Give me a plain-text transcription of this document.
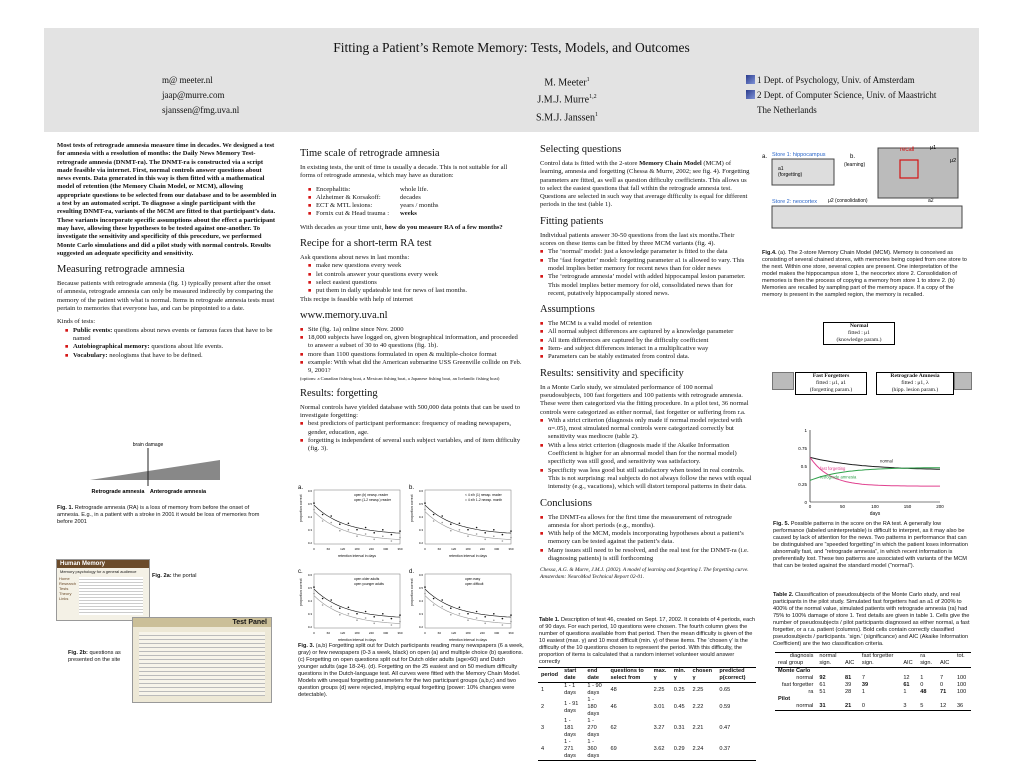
Fitting a Patient’s Remote Memory: Tests, Models, and Outcomes
m@ meeter.nl
jaap@murre.com
sjanssen@fmg.uva.nl
M. Meeter$^1$
J.M.J. Murre$^{1,2}$
S.M.J. Janssen$^1$
1 Dept. of Psychology, Univ. of Amsterdam
2 Dept. of Computer Science, Univ. of Maastricht
The Netherlands

Most tests of retrograde amnesia measure time in decades. We designed a test for amnesia with a resolution of months: the Daily News Memory Test-retrograde amnesia (DNMT-ra). The DNMT-ra is constructed via a script made feasible via internet. First, normal controls answer questions about news events. Data generated in this way is then fitted with a mathematical model of retention (the Memory Chain Model, or MCM), allowing appropriate questions to be selected from our database and to be assembled in a test by an automated script. To diagnose a single participant with the resulting DNMT-ra, variants of the MCM are fitted to that participant’s data. These variants incorporate specific assumptions about the effect a participant may have, allowing these hypotheses to be tested against one-another. To investigate the sensitivity and specificity of this procedure, we performed Monte Carlo simulations and did a pilot study with normal controls. Results suggested an adequate specificity and sensitivity.

Measuring retrograde amnesia

Because patients with retrograde amnesia (fig. 1) typically present after the onset of amnesia, retrograde amnesia can only be measured indirectly by comparing the memory of the patient with what is normal. Items in retrograde amnesia tests must pertain to memories that everyone has, and can be pinpointed to a date.

Kinds of tests:
■ Public events: questions about news events or famous faces that have to be named
■ Autobiographical memory: questions about life events.
■ Vocabulary: neologisms that have to be defined.
brain damage
Retrograde amnesia Anterograde amnesia
Fig. 1. Retrograde amnesia (RA) is a loss of memory from before the onset of amnesia. E.g., in a patient with a stroke in 2001 it would be loss of memories from before 2001
Human Memory
Memory psychology for a general audience
Home
Research
Tests
Theory
Links
Fig. 2a: the portal
Test Panel
Fig. 2b: questions as presented on the site
Time scale of retrograde amnesia

In existing tests, the unit of time is usually a decade. This is not suitable for all forms of retrograde amnesia, which may have as duration:

■ Encephalitis:	whole life.
■ Alzheimer & Korsakoff:	decades
■ ECT & MTL lesions:	years / months
■ Fornix cut & Head trauma :	weeks

With decades as your time unit, how do you measure RA of a few months?

Recipe for a short-term RA test
Ask questions about news in last months:
■ make new questions every week
■ let controls answer your questions every week
■ select easiest questions
■ put them in daily updateable test for news of last months.
This recipe is feasible with help of internet
www.memory.uva.nl
■ Site (fig. 1a) online since Nov. 2000
■ 18,000 subjects have logged on, given biographical information, and proceeded to answer a subset of 30 to 40 questions (fig. 1b).
■ more than 1100 questions formulated in open & multiple-choice format
■ example: With what did the American submarine USS Greenville collide on Feb. 9, 2001?
(options: a Canadian fishing boat, a Mexican fishing boat, a Japanese fishing boat, an Icelandic fishing boat)
Results: forgetting
Normal controls have yielded database with 500,000 data points that can be used to investigate forgetting:
■ best predictors of participant performance: frequency of reading newspapers, gender, education, age.
■ forgetting is independent of several such subject variables, and of item difficulty (fig. 3).
a.
proportion correct
retention interval in days
0	60	120	180	240	300	360
0.6
0.5
0.4
0.3
0.2
open (b) newsp. reader
open (1-2 newsp.) reader
b.
proportion correct
retention interval in days
0	60	120	180	240	300	360
0.6
0.5
0.4
0.3
0.2
< 4 x/h (1) newsp. reader
= 4 x/h 1-2 newsp. month
c.
proportion correct
retention interval in days
0	60	120	180	240	300	360
0.6
0.5
0.4
0.3
0.2
open older adults
open younger adults
d.
proportion correct
retention interval in days
0	60	120	180	240	300	360
0.6
0.5
0.4
0.3
0.2
open easy
open difficult
Fig. 3. (a,b) Forgetting split out for Dutch participants reading many newspapers (6 a week, gray) or few newspapers (0-3 a week, black) on open (a) and multiple choice (b) questions. (c) Forgetting on open questions split out for Dutch older adults (age>60) and Dutch younger adults (age 18-24). (d). Forgetting on the 25 easiest and on 50 medium difficulty questions in the Dutch-language test. All curves were fitted with the Memory Chain Model. Models with unequal forgetting parameters for the two participant groups (a,b,c) and two question groups (d) were rejected, implying equal forgetting (power: 10% changes were detectable).
Selecting questions

Control data is fitted with the 2-store Memory Chain Model (MCM) of learning, amnesia and forgetting (Chessa & Murre, 2002; see fig. 4). Forgetting parameters are fitted, as well as question difficulty coefficients. This allows us to select the easiest questions that fall within the retrograde amnesia test. Questions are selected in such way that average difficulty is equal for different periods in the test (table 1).

Fitting patients
Individual patients answer 30-50 questions from the last six months.Their scores on these items can be fitted by three MCM variants (fig. 4).
■ The ‘normal’ model: just a knowledge parameter is fitted to the data
■ The ‘fast forgetter’ model: forgetting parameter a1 is allowed to vary. This model implies better memory for recent news than for older news
■ The ‘retrograde amnesia’ model with added hippocampal lesion parameter. This model implies better memory for old, consolidated news than for recent, putatively hippocampally stored news.
Assumptions
■ The MCM is a valid model of retention
■ All normal subject differences are captured by a knowledge parameter
■ All item differences are captured by the difficulty coefficient
■ Item- and subject differences interact in a multiplicative way
■ Parameters can be stably estimated from control data.
Results: sensitivity and specificity
In a Monte Carlo study, we simulated performance of 100 normal pseudosubjects, 100 fast forgetters and 100 patients with retrograde amnesia. These were then categorized via the fitting procedure. In a pilot test, 36 normal controls were categorized as either normal, fast forgetter or suffering from r.a.
■ With a strict criterion (diagnosis only made if normal model rejected with α=.05), most simulated normal controls were categorized correctly but sensitivity was mediocre (table 2).
■ With a less strict criterion (diagnosis made if the Akaike Information Coefficient is higher for an abnormal model than for the normal model) specificity was still good, and sensitivity was satisfactory.
■ Specificity was less good but still satisfactory when tested in real controls. This is not surprising: real subjects do not always follow the news with equal intensity (e.g., vacations), which will distort temporal patterns in their data.
Conclusions
■ The DNMT-ra allows for the first time the measurement of retrograde amnesia for short periods (e.g., months).
■ With help of the MCM, models incorporating hypotheses about a patient’s memory can be tested against the patient’s data.
■ Many issues still need to be resolved, and the real test for the DNMT-ra (i.e. diagnosing patients) is still forthcoming
Chessa, A.G. & Murre, J.M.J. (2002). A model of learning and forgetting I. The forgetting curve. Amsterdam: NeuroMod Technical Report 02-01.
Table 1. Description of test 46, created on Sept. 17, 2002. It consists of 4 periods, each of 90 days. For each period, 10 questions were chosen. The fourth column gives the number of questions available from that period. Then the mean difficulty is given of the 10 easiest (max. γ) and 10 most difficult (min. γ) of these items. The ‘chosen γ’ is the difficulty of the 10 questions chosen to represent the period. With this difficulty, the proportion of items is calculated that a random internet volunteer would answer correctly
period	start date	end date	questions to select from	max. γ	min. γ	chosen γ	predicted p(correct)
1	1 - 1 days	1 - 90 days	48	2.25	0.25	2.25	0.65
2	1 - 91 days	1 - 180 days	46	3.01	0.45	2.22	0.59
3	1 - 181 days	1 - 270 days	62	3.27	0.31	2.21	0.47
4	1 - 271 days	1 - 360 days	69	3.62	0.29	2.24	0.37
a.	b.
Store 1: hippocampus
(forgetting)
a1
(learning)
Store 2: neocortex μ2 (consolidation)	a2
recall	μ1
μ2
Fig.4. (a). The 2-store Memory Chain Model (MCM). Memory is conceived as consisting of several chained stores, with memories being copied from one store to the next. Within one store, several copies are present. One interpretation of the model makes the hippocampus store 1, the neocortex store 2. Consolidation of memories is then the process of copying a memory from store 1 to store 2. (b) Memories are recalled by sampling part of the memory space. If a copy of the memory is present in the sampled region, the memory is recalled.
Normal
fitted : μ1
(knowledge param.)
Fast Forgetters
fitted : μ1, a1
(forgetting param.)
Retrograde Amnesia
fitted : μ1, λ
(hipp. lesion param.)
1
0.75
0.5
0.25
0
0	50	100	150	200
days
normal
fast forgetting
retrograde amnesia
Fig. 5. Possible patterns in the score on the RA test. A generally low performance (labeled uninterpretable) is difficult to interpret, as it may also be caused by lack of attention for the news. Two patterns in performance that can be distinguished are “speeded forgetting” in which the patient loses information abnormally fast, and “retrograde amnesia”, in which recent information is preferentially lost. These two patterns are associated with variants of the MCM that can be tested against the standard model (“normal”).
Table 2. Classification of pseudosubjects of the Monte Carlo study, and real participants in the pilot study. Simulated fast forgetters had an a1 of 200% to 400% of the normal value, simulated patients with retrograde amnesia (ra) had 75% to 100% damage of store 1. Test details are given in table 1. Cells give the number of pseudosubjects / pilot participants diagnosed as either normal, a fast forgetter, or a r.a. patient (columns). Bold cells contain correctly classified pseudosubjects / participants. ‘sign.’ (significance) and AIC (Akaike Information Coefficient) are the two classification criteria.
diagnosis	normal		fast forgetter		ra		tot.
real group	sign.	AIC	sign.	AIC	sign.	AIC	
Monte Carlo							
normal	92	81	7	12	1	7	100
fast forgetter	61	39	39	61	0	0	100
ra	51	28	1	1	48	71	100
Pilot							
normal	31	21	0	3	5	12	36
